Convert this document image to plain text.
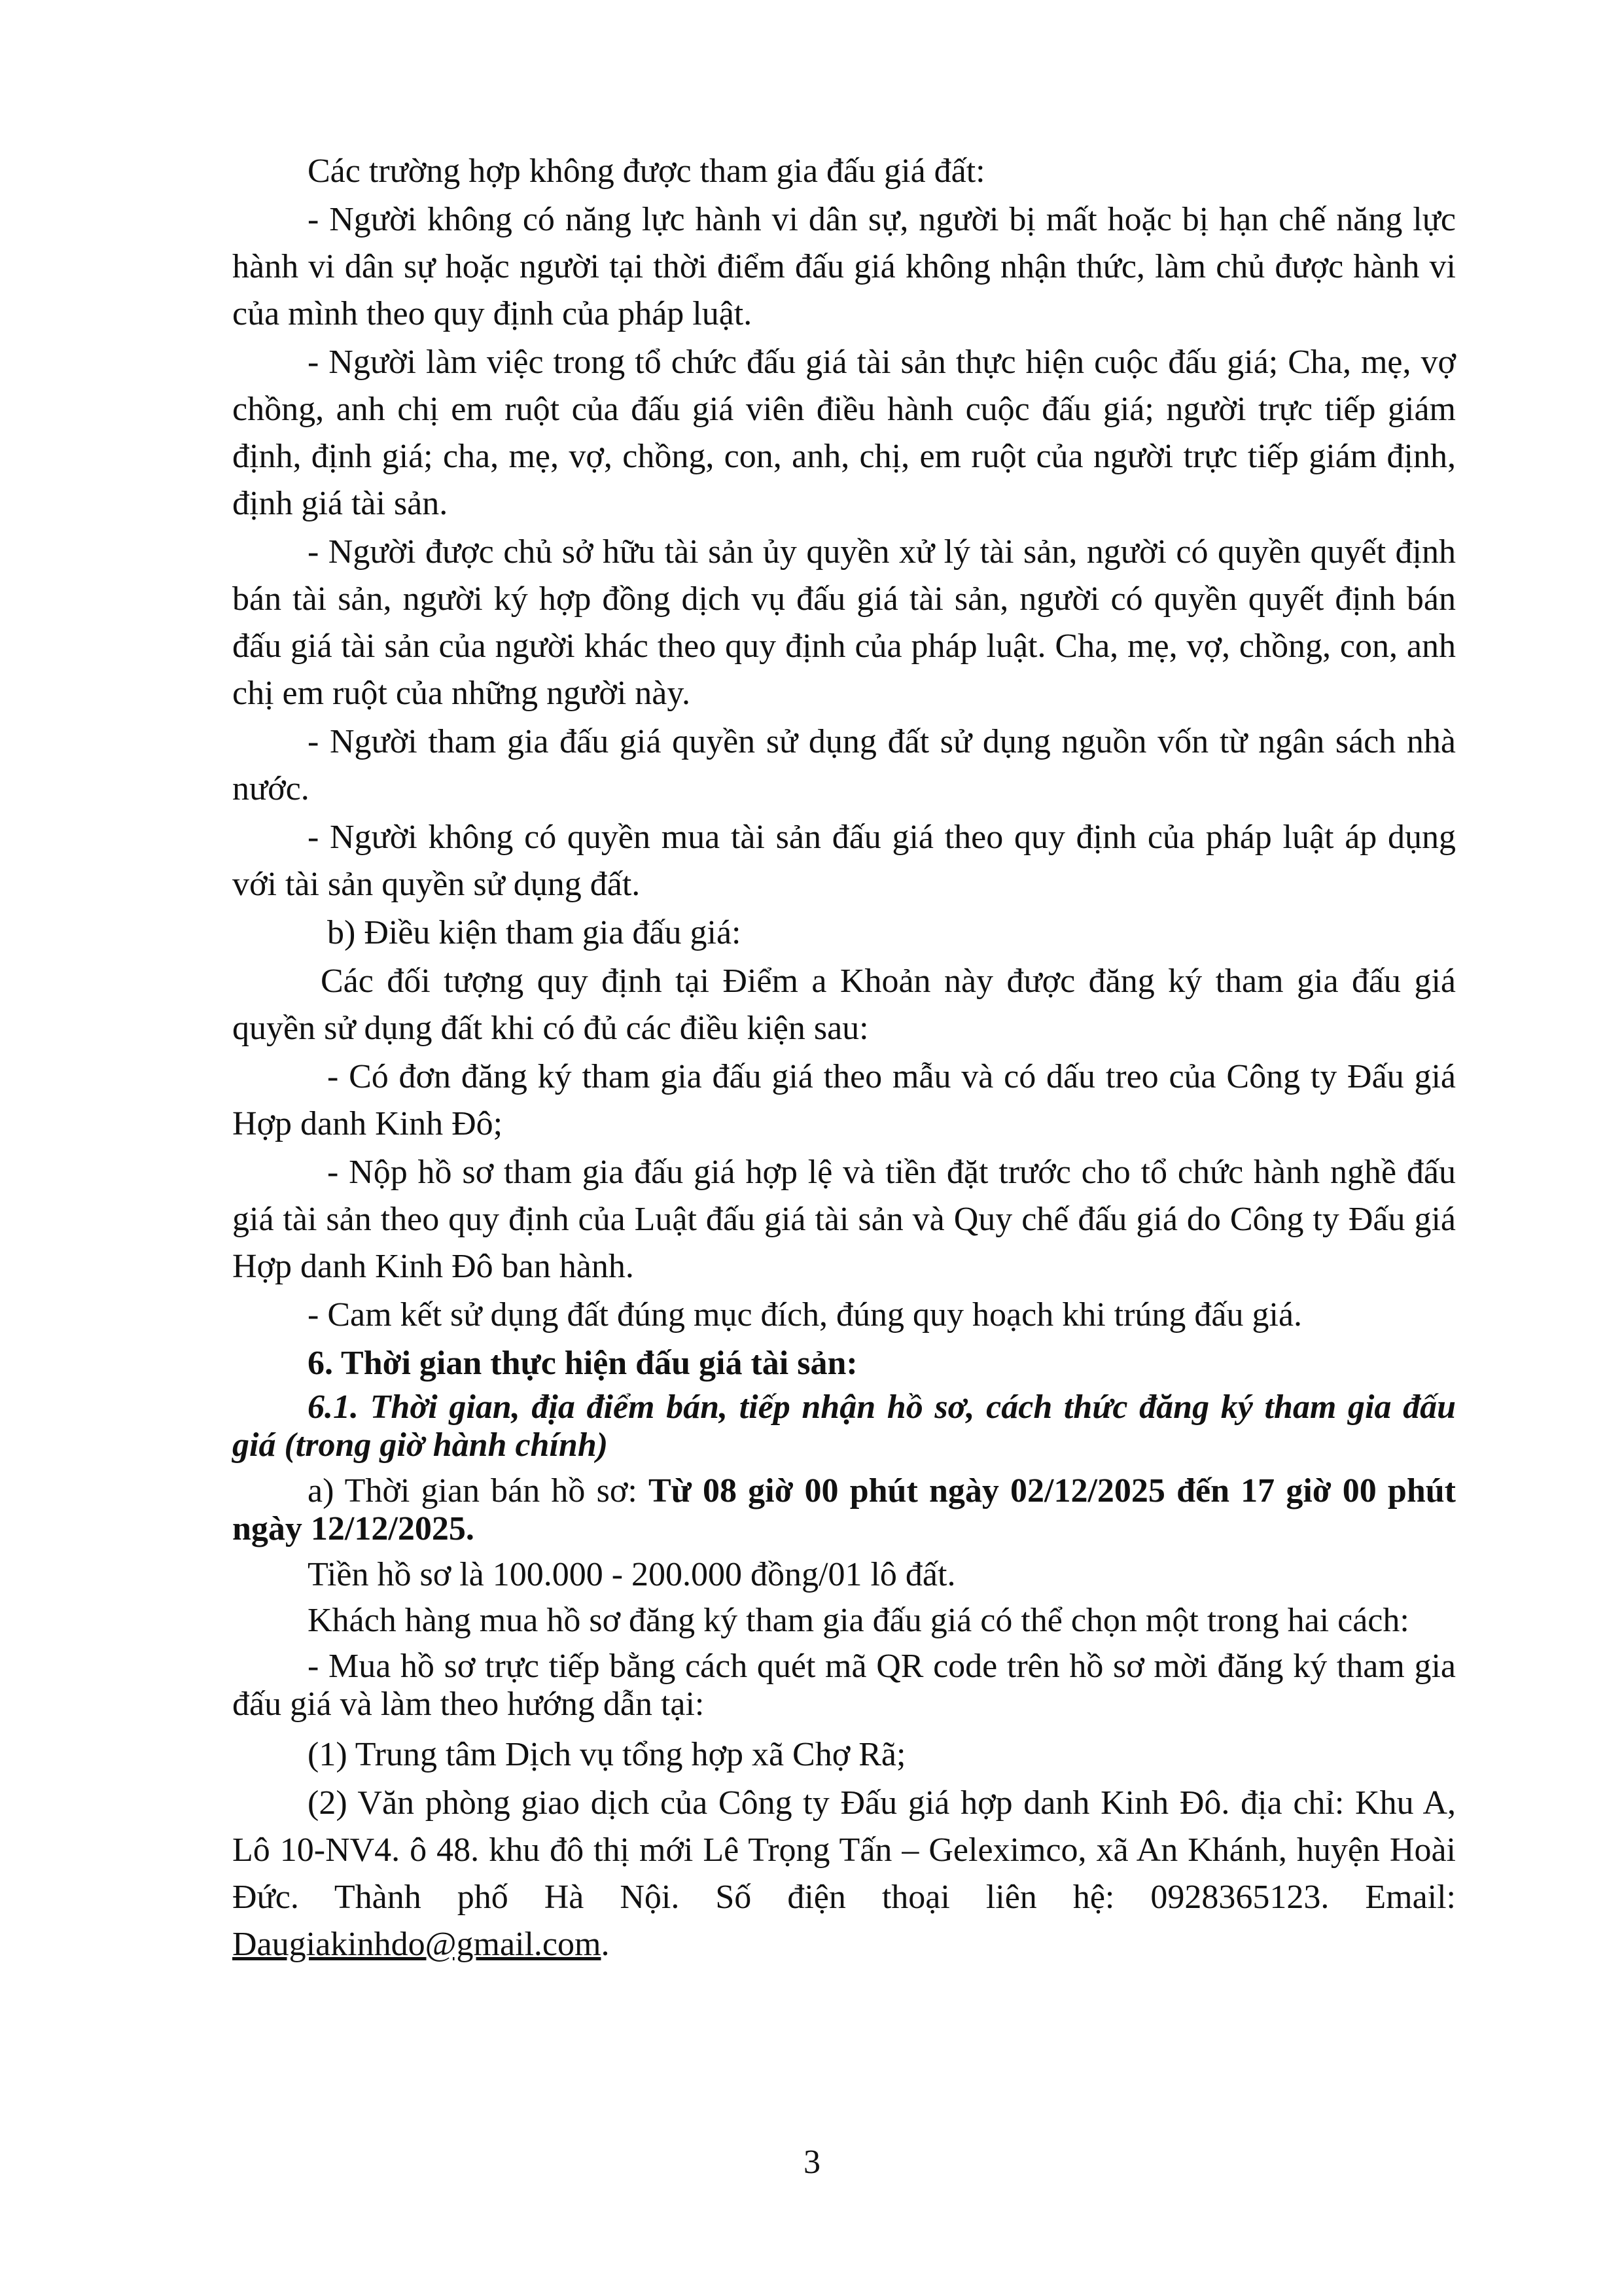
Các trường hợp không được tham gia đấu giá đất:

- Người không có năng lực hành vi dân sự, người bị mất hoặc bị hạn chế năng lực hành vi dân sự hoặc người tại thời điểm đấu giá không nhận thức, làm chủ được hành vi của mình theo quy định của pháp luật.

- Người làm việc trong tổ chức đấu giá tài sản thực hiện cuộc đấu giá; Cha, mẹ, vợ chồng, anh chị em ruột của đấu giá viên điều hành cuộc đấu giá; người trực tiếp giám định, định giá; cha, mẹ, vợ, chồng, con, anh, chị, em ruột của người trực tiếp giám định, định giá tài sản.

- Người được chủ sở hữu tài sản ủy quyền xử lý tài sản, người có quyền quyết định bán tài sản, người ký hợp đồng dịch vụ đấu giá tài sản, người có quyền quyết định bán đấu giá tài sản của người khác theo quy định của pháp luật. Cha, mẹ, vợ, chồng, con, anh chị em ruột của những người này.

- Người tham gia đấu giá quyền sử dụng đất sử dụng nguồn vốn từ ngân sách nhà nước.

- Người không có quyền mua tài sản đấu giá theo quy định của pháp luật áp dụng với tài sản quyền sử dụng đất.

b) Điều kiện tham gia đấu giá:

Các đối tượng quy định tại Điểm a Khoản này được đăng ký tham gia đấu giá quyền sử dụng đất khi có đủ các điều kiện sau:

- Có đơn đăng ký tham gia đấu giá theo mẫu và có dấu treo của Công ty Đấu giá Hợp danh Kinh Đô;

- Nộp hồ sơ tham gia đấu giá hợp lệ và tiền đặt trước cho tổ chức hành nghề đấu giá tài sản theo quy định của Luật đấu giá tài sản và Quy chế đấu giá do Công ty Đấu giá Hợp danh Kinh Đô ban hành.

- Cam kết sử dụng đất đúng mục đích, đúng quy hoạch khi trúng đấu giá.

6. Thời gian thực hiện đấu giá tài sản:

6.1. Thời gian, địa điểm bán, tiếp nhận hồ sơ, cách thức đăng ký tham gia đấu giá (trong giờ hành chính)

a) Thời gian bán hồ sơ: Từ 08 giờ 00 phút ngày 02/12/2025 đến 17 giờ 00 phút ngày 12/12/2025.

Tiền hồ sơ là 100.000 - 200.000 đồng/01 lô đất.

Khách hàng mua hồ sơ đăng ký tham gia đấu giá có thể chọn một trong hai cách:

- Mua hồ sơ trực tiếp bằng cách quét mã QR code trên hồ sơ mời đăng ký tham gia đấu giá và làm theo hướng dẫn tại:

(1) Trung tâm Dịch vụ tổng hợp xã Chợ Rã;

(2) Văn phòng giao dịch của Công ty Đấu giá hợp danh Kinh Đô. địa chỉ: Khu A, Lô 10-NV4. ô 48. khu đô thị mới Lê Trọng Tấn – Geleximco, xã An Khánh, huyện Hoài Đức. Thành phố Hà Nội. Số điện thoại liên hệ: 0928365123. Email: Daugiakinhdo@gmail.com.

3
